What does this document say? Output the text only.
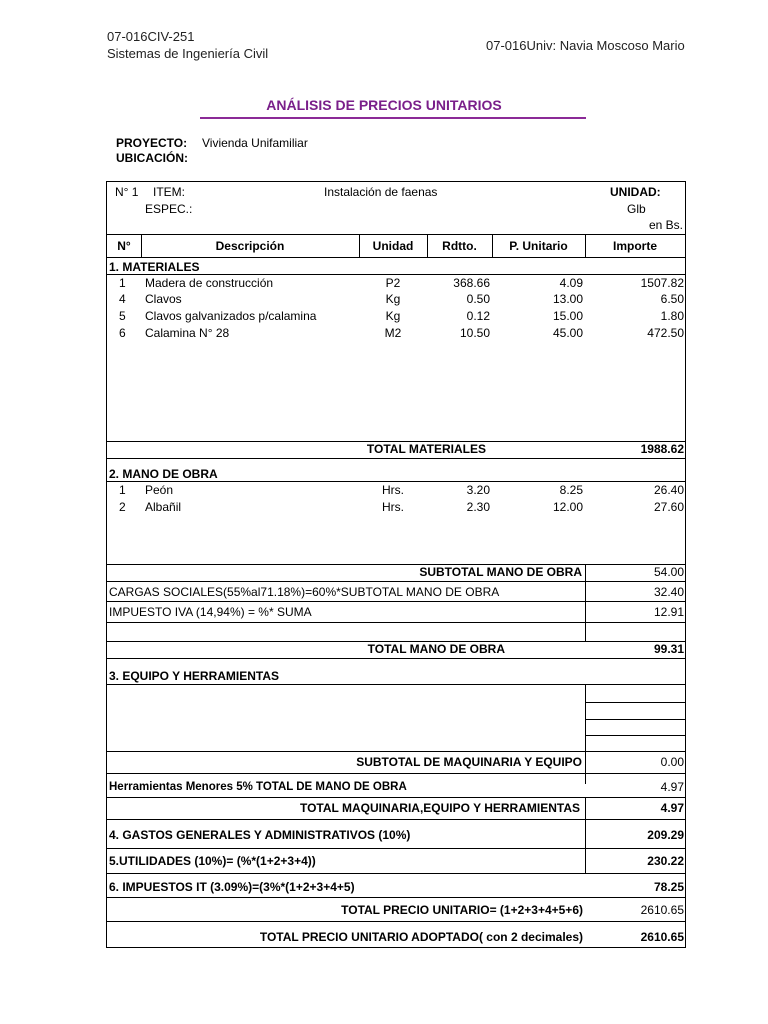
07-016CIV-251
Sistemas de Ingeniería Civil
07-016Univ: Navia Moscoso Mario
ANÁLISIS DE PRECIOS UNITARIOS
PROYECTO: Vivienda Unifamiliar
UBICACIÓN:
N° 1 ITEM:	Instalación de faenas	UNIDAD:
ESPEC.:	Glb
en Bs.
N°	Descripción	Unidad	Rdtto.	P. Unitario	Importe
1. MATERIALES
1 Madera de construcción	P2	368.66	4.09	1507.82
4 Clavos	Kg	0.50	13.00	6.50
5 Clavos galvanizados p/calamina	Kg	0.12	15.00	1.80
6 Calamina N° 28	M2	10.50	45.00	472.50
TOTAL MATERIALES	1988.62
2. MANO DE OBRA
1 Peón	Hrs.	3.20	8.25	26.40
2 Albañil	Hrs.	2.30	12.00	27.60
SUBTOTAL MANO DE OBRA	54.00
CARGAS SOCIALES(55%al71.18%)=60%*SUBTOTAL MANO DE OBRA	32.40
IMPUESTO IVA (14,94%) = %* SUMA	12.91
TOTAL MANO DE OBRA	99.31
3. EQUIPO Y HERRAMIENTAS
SUBTOTAL DE MAQUINARIA Y EQUIPO	0.00
Herramientas Menores 5% TOTAL DE MANO DE OBRA	4.97
TOTAL MAQUINARIA,EQUIPO Y HERRAMIENTAS	4.97
4. GASTOS GENERALES Y ADMINISTRATIVOS (10%)	209.29
5.UTILIDADES (10%)= (%*(1+2+3+4))	230.22
6. IMPUESTOS IT (3.09%)=(3%*(1+2+3+4+5)	78.25
TOTAL PRECIO UNITARIO= (1+2+3+4+5+6)	2610.65
TOTAL PRECIO UNITARIO ADOPTADO( con 2 decimales)	2610.65
